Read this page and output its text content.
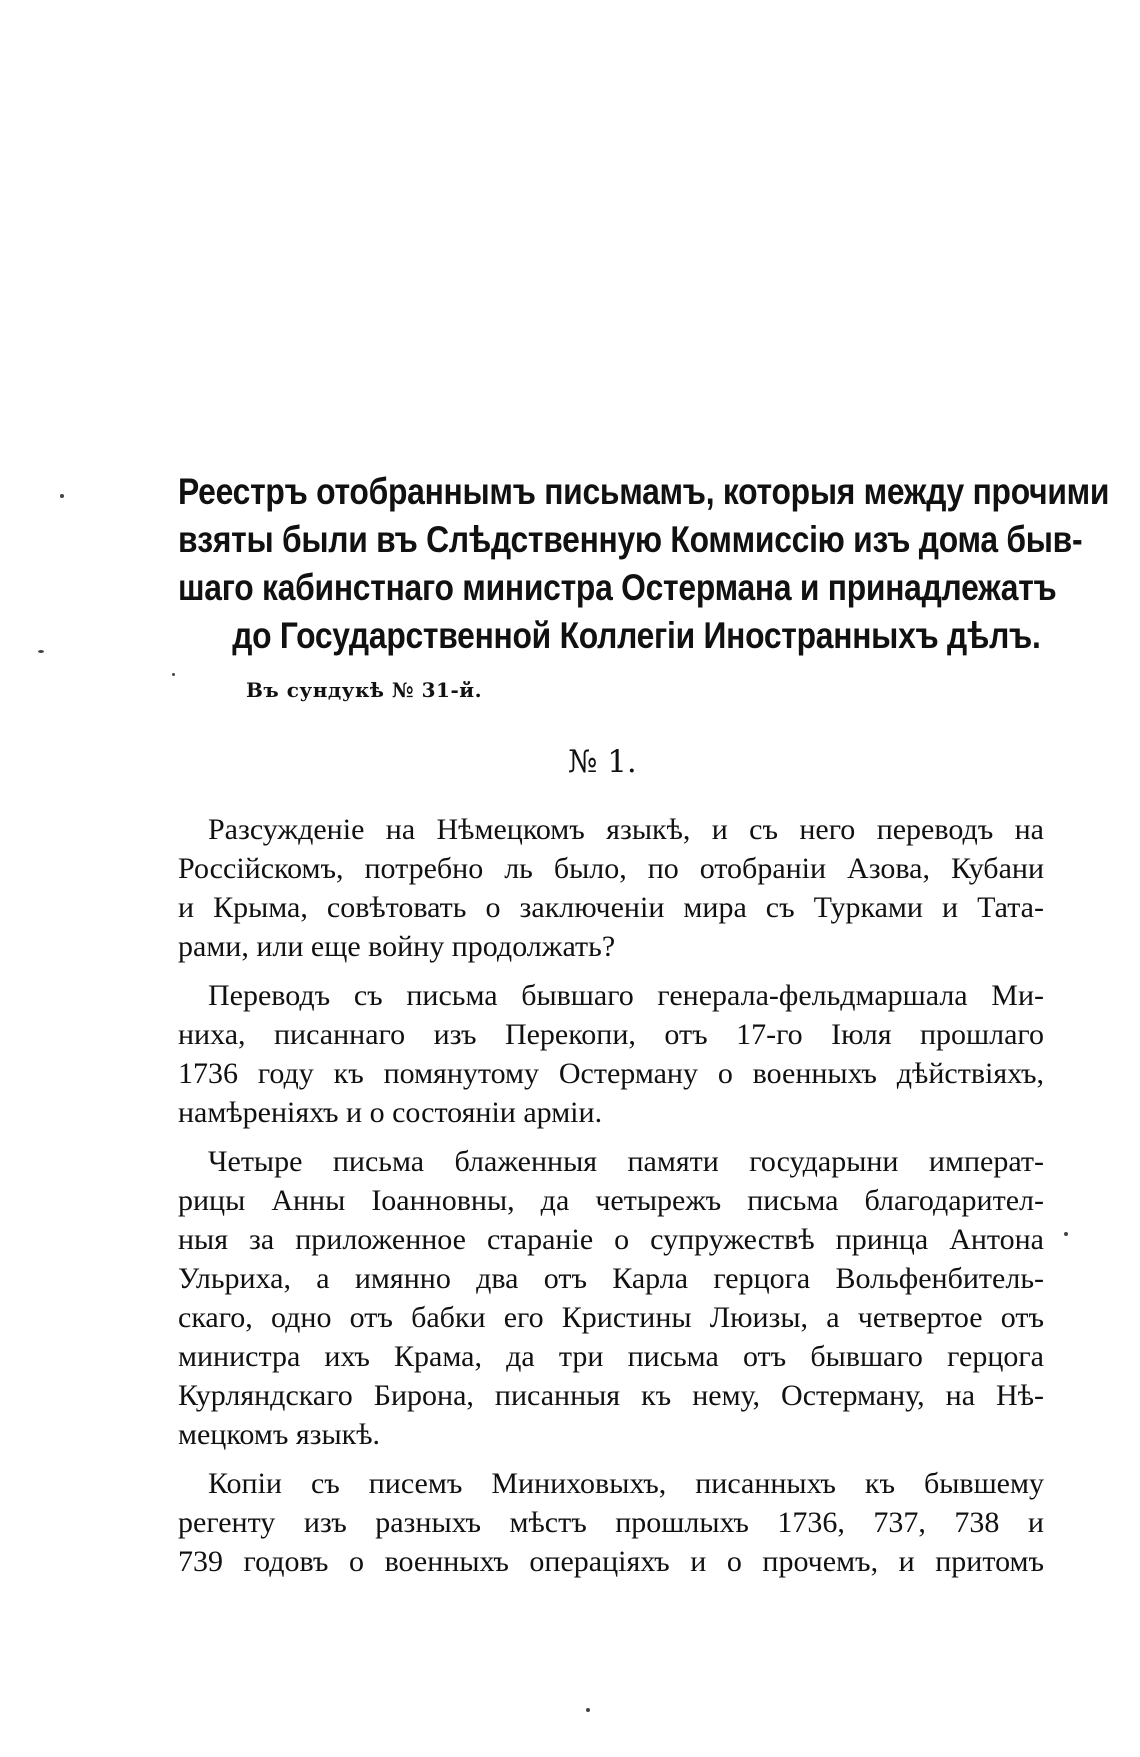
Реестръ отобраннымъ письмамъ, которыя между прочими
взяты были въ Слѣдственную Коммиссію изъ дома быв-
шаго кабинстнаго министра Остермана и принадлежатъ
до Государственной Коллегіи Иностранныхъ дѣлъ.
Въ сундукѣ № 31-й.
№ 1.
Разсужденіе на Нѣмецкомъ языкѣ, и съ него переводъ на
Россійскомъ, потребно ль было, по отобраніи Азова, Кубани
и Крыма, совѣтовать о заключеніи мира съ Турками и Тата-
рами, или еще войну продолжать?
Переводъ съ письма бывшаго генерала-фельдмаршала Ми-
ниха, писаннаго изъ Перекопи, отъ 17-го Іюля прошлаго
1736 году къ помянутому Остерману о военныхъ дѣйствіяхъ,
намѣреніяхъ и о состояніи арміи.
Четыре письма блаженныя памяти государыни императ-
рицы Анны Іоанновны, да четырежъ письма благодарител-
ныя за приложенное стараніе о супружествѣ принца Антона
Ульриха, а имянно два отъ Карла герцога Вольфенбитель-
скаго, одно отъ бабки его Кристины Люизы, а четвертое отъ
министра ихъ Крама, да три письма отъ бывшаго герцога
Курляндскаго Бирона, писанныя къ нему, Остерману, на Нѣ-
мецкомъ языкѣ.
Копіи съ писемъ Миниховыхъ, писанныхъ къ бывшему
регенту изъ разныхъ мѣстъ прошлыхъ 1736, 737, 738 и
739 годовъ о военныхъ операціяхъ и о прочемъ, и притомъ
